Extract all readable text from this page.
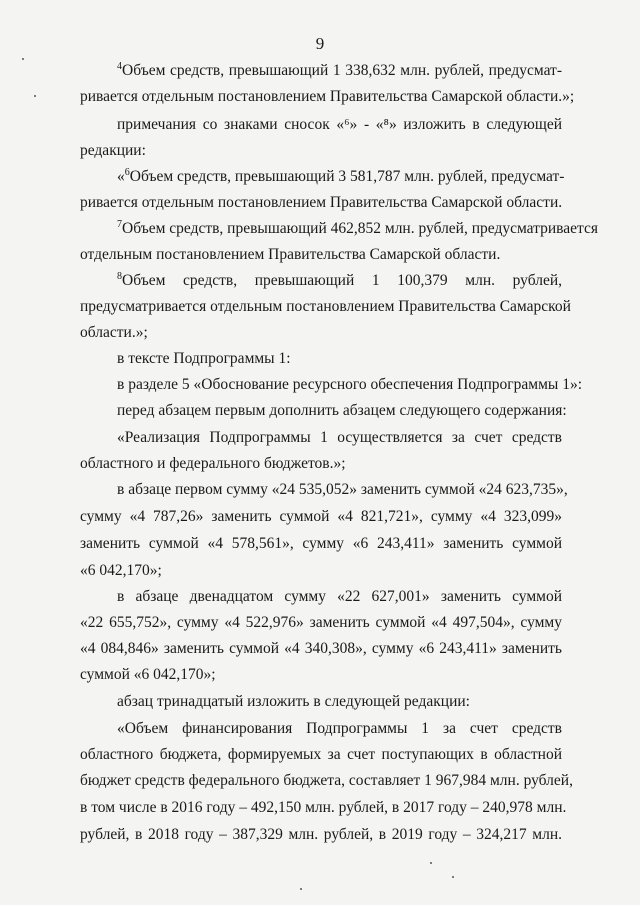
9
$^4$Объем средств, превышающий 1 338,632 млн. рублей, предусмат-
ривается отдельным постановлением Правительства Самарской области.»;
примечания со знаками сносок «⁶» - «⁸» изложить в следующей
редакции:
«$^6$Объем средств, превышающий 3 581,787 млн. рублей, предусмат-
ривается отдельным постановлением Правительства Самарской области.
$^7$Объем средств, превышающий 462,852 млн. рублей, предусматривается
отдельным постановлением Правительства Самарской области.
$^8$Объем средств, превышающий 1 100,379 млн. рублей,
предусматривается отдельным постановлением Правительства Самарской
области.»;
в тексте Подпрограммы 1:
в разделе 5 «Обоснование ресурсного обеспечения Подпрограммы 1»:
перед абзацем первым дополнить абзацем следующего содержания:
«Реализация Подпрограммы 1 осуществляется за счет средств
областного и федерального бюджетов.»;
в абзаце первом сумму «24 535,052» заменить суммой «24 623,735»,
сумму «4 787,26» заменить суммой «4 821,721», сумму «4 323,099»
заменить суммой «4 578,561», сумму «6 243,411» заменить суммой
«6 042,170»;
в абзаце двенадцатом сумму «22 627,001» заменить суммой
«22 655,752», сумму «4 522,976» заменить суммой «4 497,504», сумму
«4 084,846» заменить суммой «4 340,308», сумму «6 243,411» заменить
суммой «6 042,170»;
абзац тринадцатый изложить в следующей редакции:
«Объем финансирования Подпрограммы 1 за счет средств
областного бюджета, формируемых за счет поступающих в областной
бюджет средств федерального бюджета, составляет 1 967,984 млн. рублей,
в том числе в 2016 году – 492,150 млн. рублей, в 2017 году – 240,978 млн.
рублей, в 2018 году – 387,329 млн. рублей, в 2019 году – 324,217 млн.
